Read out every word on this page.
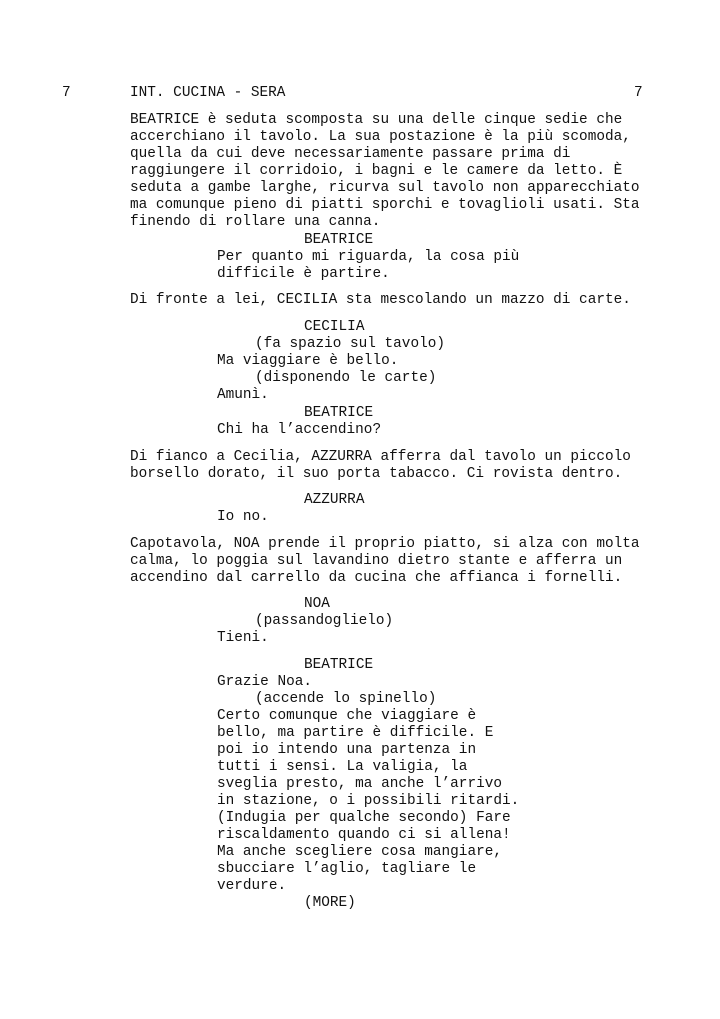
7	INT. CUCINA - SERA	7
BEATRICE è seduta scomposta su una delle cinque sedie che
accerchiano il tavolo. La sua postazione è la più scomoda,
quella da cui deve necessariamente passare prima di
raggiungere il corridoio, i bagni e le camere da letto. È
seduta a gambe larghe, ricurva sul tavolo non apparecchiato
ma comunque pieno di piatti sporchi e tovaglioli usati. Sta
finendo di rollare una canna.
BEATRICE
Per quanto mi riguarda, la cosa più
difficile è partire.
Di fronte a lei, CECILIA sta mescolando un mazzo di carte.
CECILIA
(fa spazio sul tavolo)
Ma viaggiare è bello.
(disponendo le carte)
Amunì.
BEATRICE
Chi ha l’accendino?
Di fianco a Cecilia, AZZURRA afferra dal tavolo un piccolo
borsello dorato, il suo porta tabacco. Ci rovista dentro.
AZZURRA
Io no.
Capotavola, NOA prende il proprio piatto, si alza con molta
calma, lo poggia sul lavandino dietro stante e afferra un
accendino dal carrello da cucina che affianca i fornelli.
NOA
(passandoglielo)
Tieni.
BEATRICE
Grazie Noa.
(accende lo spinello)
Certo comunque che viaggiare è
bello, ma partire è difficile. E
poi io intendo una partenza in
tutti i sensi. La valigia, la
sveglia presto, ma anche l’arrivo
in stazione, o i possibili ritardi.
(Indugia per qualche secondo) Fare
riscaldamento quando ci si allena!
Ma anche scegliere cosa mangiare,
sbucciare l’aglio, tagliare le
verdure.
(MORE)
